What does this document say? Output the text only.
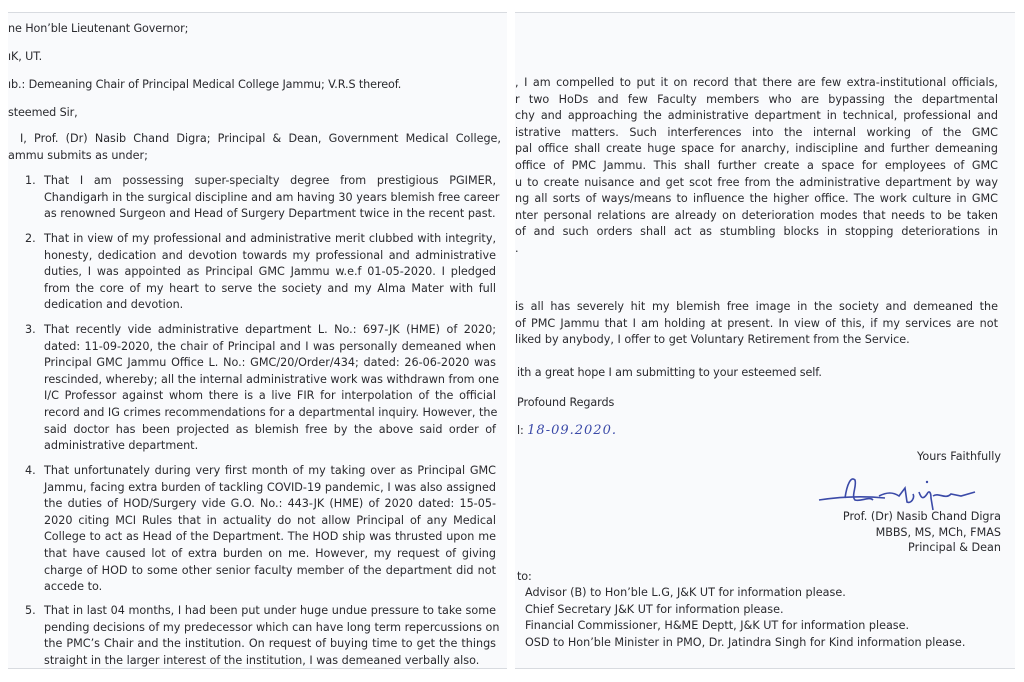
ne Hon’ble Lieutenant Governor;
ıK, UT.
ıb.: Demeaning Chair of Principal Medical College Jammu; V.R.S thereof.
steemed Sir,
I, Prof. (Dr) Nasib Chand Digra; Principal & Dean, Government Medical College,
ammu submits as under;
1. That I am possessing super-specialty degree from prestigious PGIMER,
Chandigarh in the surgical discipline and am having 30 years blemish free career
as renowned Surgeon and Head of Surgery Department twice in the recent past.
2. That in view of my professional and administrative merit clubbed with integrity,
honesty, dedication and devotion towards my professional and administrative
duties, I was appointed as Principal GMC Jammu w.e.f 01-05-2020. I pledged
from the core of my heart to serve the society and my Alma Mater with full
dedication and devotion.
3. That recently vide administrative department L. No.: 697-JK (HME) of 2020;
dated: 11-09-2020, the chair of Principal and I was personally demeaned when
Principal GMC Jammu Office L. No.: GMC/20/Order/434; dated: 26-06-2020 was
rescinded, whereby; all the internal administrative work was withdrawn from one
I/C Professor against whom there is a live FIR for interpolation of the official
record and IG crimes recommendations for a departmental inquiry. However, the
said doctor has been projected as blemish free by the above said order of
administrative department.
4. That unfortunately during very first month of my taking over as Principal GMC
Jammu, facing extra burden of tackling COVID-19 pandemic, I was also assigned
the duties of HOD/Surgery vide G.O. No.: 443-JK (HME) of 2020 dated: 15-05-
2020 citing MCI Rules that in actuality do not allow Principal of any Medical
College to act as Head of the Department. The HOD ship was thrusted upon me
that have caused lot of extra burden on me. However, my request of giving
charge of HOD to some other senior faculty member of the department did not
accede to.
5. That in last 04 months, I had been put under huge undue pressure to take some
pending decisions of my predecessor which can have long term repercussions on
the PMC’s Chair and the institution. On request of buying time to get the things
straight in the larger interest of the institution, I was demeaned verbally also.
, I am compelled to put it on record that there are few extra-institutional officials,
r two HoDs and few Faculty members who are bypassing the departmental
chy and approaching the administrative department in technical, professional and
istrative matters. Such interferences into the internal working of the GMC
pal office shall create huge space for anarchy, indiscipline and further demeaning
office of PMC Jammu. This shall further create a space for employees of GMC
u to create nuisance and get scot free from the administrative department by way
ng all sorts of ways/means to influence the higher office. The work culture in GMC
nter personal relations are already on deterioration modes that needs to be taken
of and such orders shall act as stumbling blocks in stopping deteriorations in
.
is all has severely hit my blemish free image in the society and demeaned the
of PMC Jammu that I am holding at present. In view of this, if my services are not
liked by anybody, I offer to get Voluntary Retirement from the Service.
ith a great hope I am submitting to your esteemed self.
Profound Regards
l: 18-09.2020.
Yours Faithfully
Prof. (Dr) Nasib Chand Digra
MBBS, MS, MCh, FMAS
Principal & Dean
to:
Advisor (B) to Hon’ble L.G, J&K UT for information please.
Chief Secretary J&K UT for information please.
Financial Commissioner, H&ME Deptt, J&K UT for information please.
OSD to Hon’ble Minister in PMO, Dr. Jatindra Singh for Kind information please.
